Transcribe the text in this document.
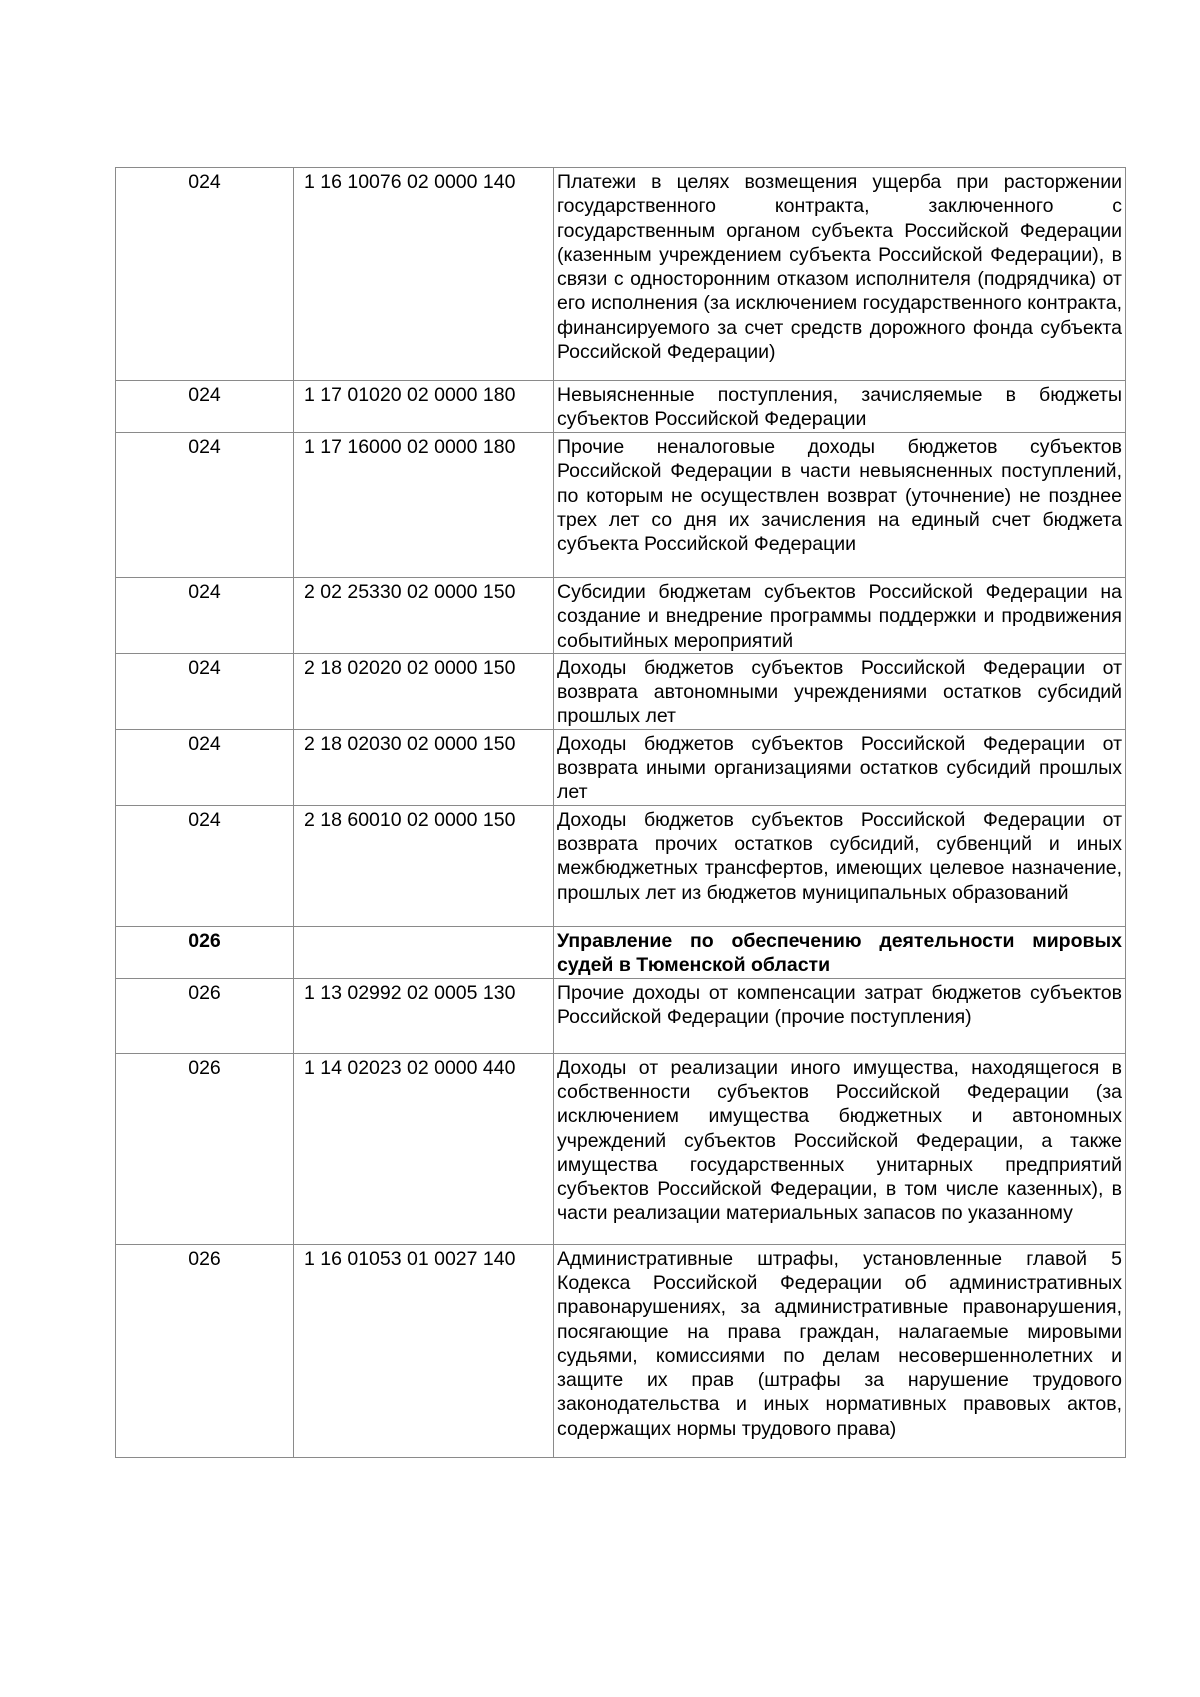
024	1 16 10076 02 0000 140	Платежи в целях возмещения ущерба при расторжении государственного контракта, заключенного с государственным органом субъекта Российской Федерации (казенным учреждением субъекта Российской Федерации), в связи с односторонним отказом исполнителя (подрядчика) от его исполнения (за исключением государственного контракта, финансируемого за счет средств дорожного фонда субъекта Российской Федерации)
024	1 17 01020 02 0000 180	Невыясненные поступления, зачисляемые в бюджеты субъектов Российской Федерации
024	1 17 16000 02 0000 180	Прочие неналоговые доходы бюджетов субъектов Российской Федерации в части невыясненных поступлений, по которым не осуществлен возврат (уточнение) не позднее трех лет со дня их зачисления на единый счет бюджета субъекта Российской Федерации
024	2 02 25330 02 0000 150	Субсидии бюджетам субъектов Российской Федерации на создание и внедрение программы поддержки и продвижения событийных мероприятий
024	2 18 02020 02 0000 150	Доходы бюджетов субъектов Российской Федерации от возврата автономными учреждениями остатков субсидий прошлых лет
024	2 18 02030 02 0000 150	Доходы бюджетов субъектов Российской Федерации от возврата иными организациями остатков субсидий прошлых лет
024	2 18 60010 02 0000 150	Доходы бюджетов субъектов Российской Федерации от возврата прочих остатков субсидий, субвенций и иных межбюджетных трансфертов, имеющих целевое назначение, прошлых лет из бюджетов муниципальных образований
026		Управление по обеспечению деятельности мировых судей в Тюменской области
026	1 13 02992 02 0005 130	Прочие доходы от компенсации затрат бюджетов субъектов Российской Федерации (прочие поступления)
026	1 14 02023 02 0000 440	Доходы от реализации иного имущества, находящегося в собственности субъектов Российской Федерации (за исключением имущества бюджетных и автономных учреждений субъектов Российской Федерации, а также имущества государственных унитарных предприятий субъектов Российской Федерации, в том числе казенных), в части реализации материальных запасов по указанному
026	1 16 01053 01 0027 140	Административные штрафы, установленные главой 5 Кодекса Российской Федерации об административных правонарушениях, за административные правонарушения, посягающие на права граждан, налагаемые мировыми судьями, комиссиями по делам несовершеннолетних и защите их прав (штрафы за нарушение трудового законодательства и иных нормативных правовых актов, содержащих нормы трудового права)
